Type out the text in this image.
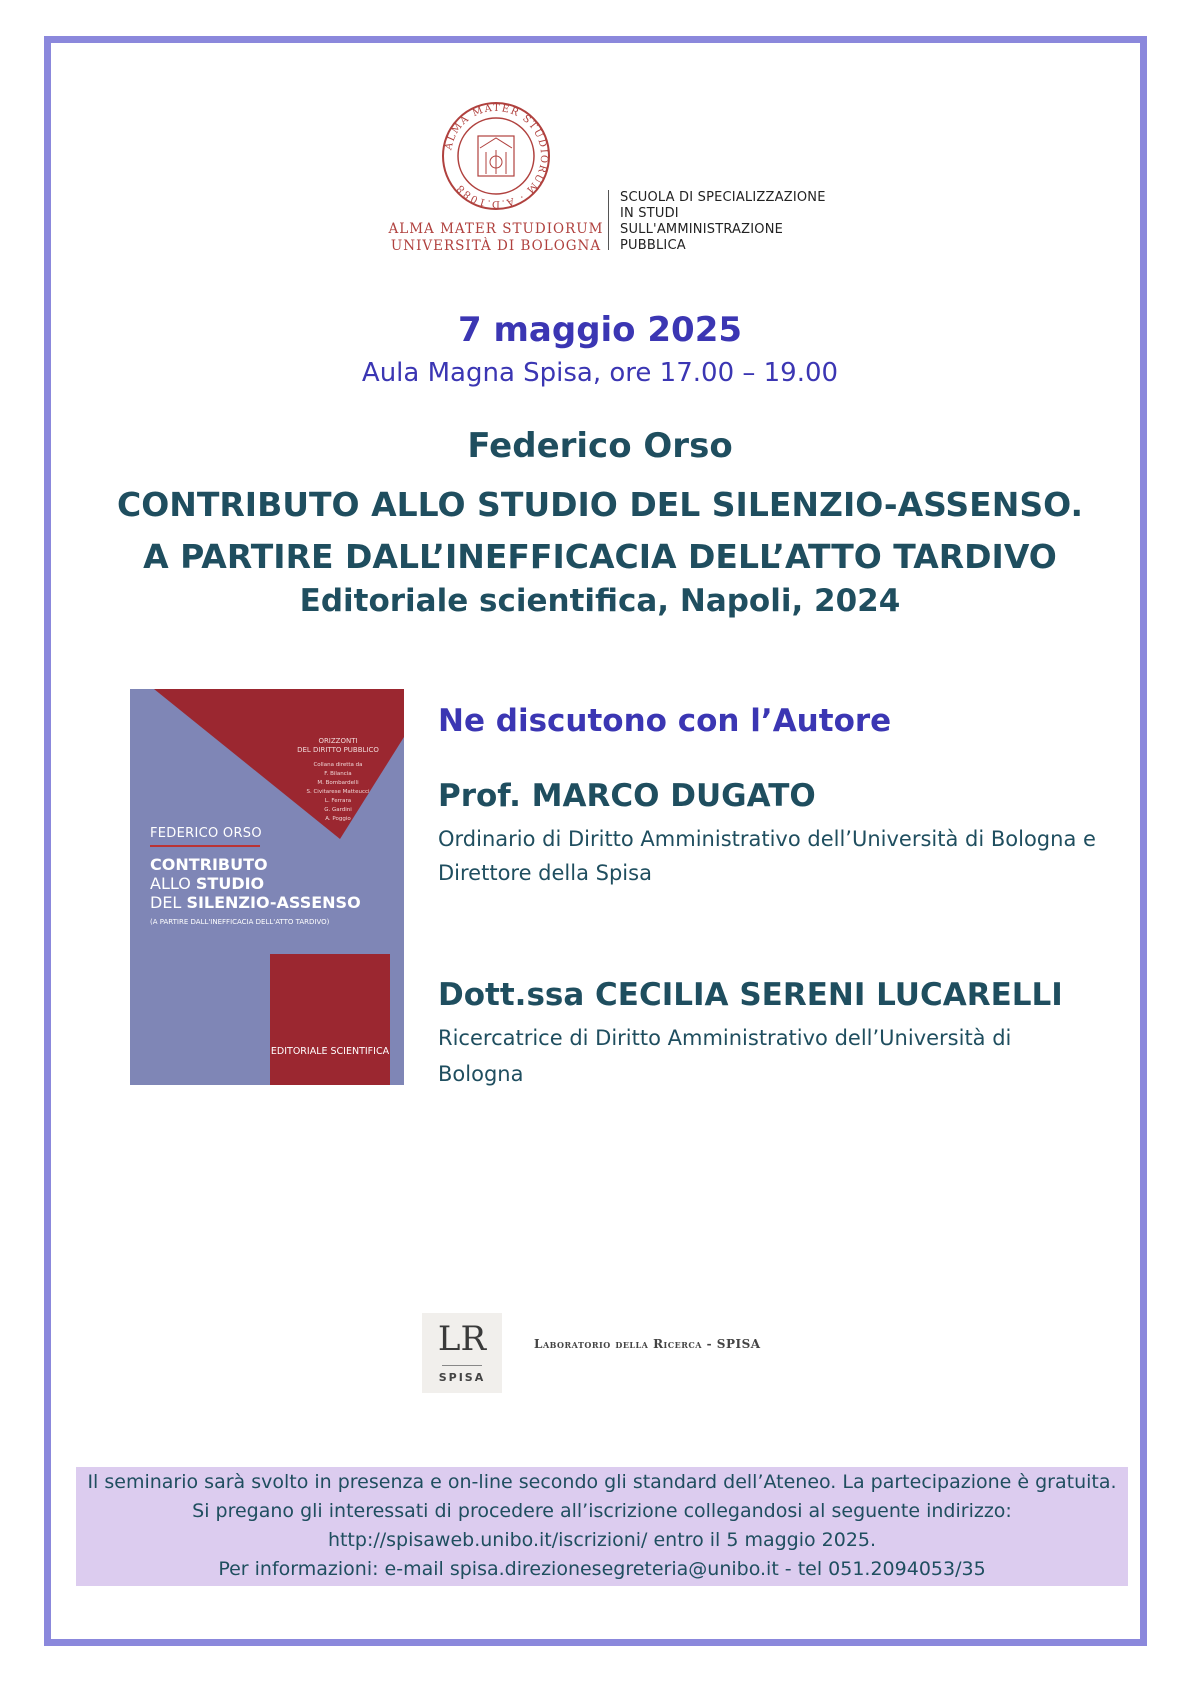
ALMA MATER STUDIORUM · A.D.1088
ALMA MATER STUDIORUM
UNIVERSITÀ DI BOLOGNA
SCUOLA DI SPECIALIZZAZIONE
IN STUDI
SULL'AMMINISTRAZIONE
PUBBLICA
7 maggio 2025
Aula Magna Spisa, ore 17.00 – 19.00
Federico Orso
CONTRIBUTO ALLO STUDIO DEL SILENZIO-ASSENSO.
A PARTIRE DALL’INEFFICACIA DELL’ATTO TARDIVO
Editoriale scientifica, Napoli, 2024
ORIZZONTI
DEL DIRITTO PUBBLICO
Collana diretta da
F. Bilancia
M. Bombardelli
S. Civitarese Matteucci
L. Ferrara
G. Gardini
A. Poggio
FEDERICO ORSO
CONTRIBUTO
ALLO STUDIO
DEL SILENZIO-ASSENSO
(A PARTIRE DALL'INEFFICACIA DELL'ATTO TARDIVO)
EDITORIALE SCIENTIFICA
Ne discutono con l’Autore
Prof. MARCO DUGATO
Ordinario di Diritto Amministrativo dell’Università di Bologna e
Direttore della Spisa
Dott.ssa CECILIA SERENI LUCARELLI
Ricercatrice di Diritto Amministrativo dell’Università di
Bologna
LR
SPISA
Laboratorio della Ricerca - SPISA
Il seminario sarà svolto in presenza e on-line secondo gli standard dell’Ateneo. La partecipazione è gratuita.
Si pregano gli interessati di procedere all’iscrizione collegandosi al seguente indirizzo:
http://spisaweb.unibo.it/iscrizioni/ entro il 5 maggio 2025.
Per informazioni: e-mail spisa.direzionesegreteria@unibo.it - tel 051.2094053/35
